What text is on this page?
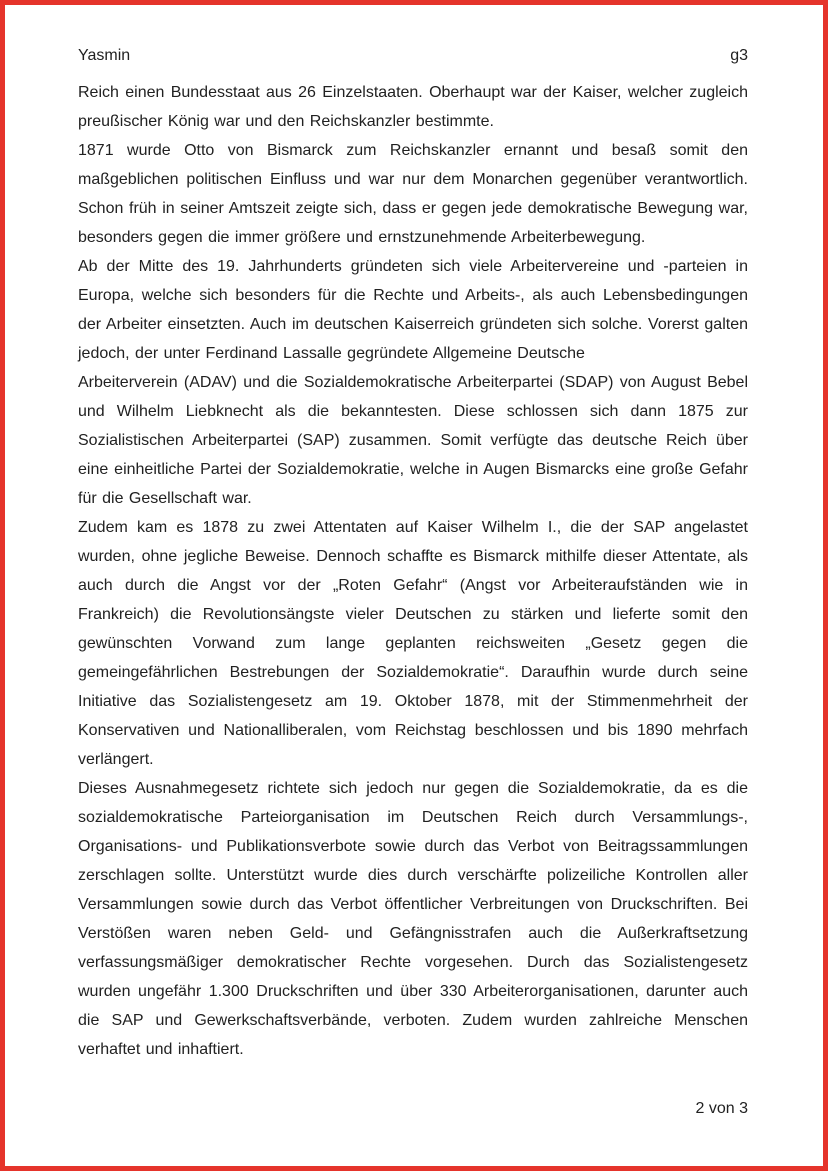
Yasmin	g3

Reich einen Bundesstaat aus 26 Einzelstaaten. Oberhaupt war der Kaiser, welcher zugleich preußischer König war und den Reichskanzler bestimmte.

1871 wurde Otto von Bismarck zum Reichskanzler ernannt und besaß somit den maßgeblichen politischen Einfluss und war nur dem Monarchen gegenüber verantwortlich. Schon früh in seiner Amtszeit zeigte sich, dass er gegen jede demokratische Bewegung war, besonders gegen die immer größere und ernstzunehmende Arbeiterbewegung.

Ab der Mitte des 19. Jahrhunderts gründeten sich viele Arbeitervereine und -parteien in Europa, welche sich besonders für die Rechte und Arbeits-, als auch Lebensbedingungen der Arbeiter einsetzten. Auch im deutschen Kaiserreich gründeten sich solche. Vorerst galten jedoch, der unter Ferdinand Lassalle gegründete Allgemeine Deutsche

Arbeiterverein (ADAV) und die Sozialdemokratische Arbeiterpartei (SDAP) von August Bebel und Wilhelm Liebknecht als die bekanntesten. Diese schlossen sich dann 1875 zur Sozialistischen Arbeiterpartei (SAP) zusammen. Somit verfügte das deutsche Reich über eine einheitliche Partei der Sozialdemokratie, welche in Augen Bismarcks eine große Gefahr für die Gesellschaft war.

Zudem kam es 1878 zu zwei Attentaten auf Kaiser Wilhelm I., die der SAP angelastet wurden, ohne jegliche Beweise. Dennoch schaffte es Bismarck mithilfe dieser Attentate, als auch durch die Angst vor der „Roten Gefahr“ (Angst vor Arbeiteraufständen wie in Frankreich) die Revolutionsängste vieler Deutschen zu stärken und lieferte somit den gewünschten Vorwand zum lange geplanten reichsweiten „Gesetz gegen die gemeingefährlichen Bestrebungen der Sozialdemokratie“. Daraufhin wurde durch seine Initiative das Sozialistengesetz am 19. Oktober 1878, mit der Stimmenmehrheit der Konservativen und Nationalliberalen, vom Reichstag beschlossen und bis 1890 mehrfach verlängert.

Dieses Ausnahmegesetz richtete sich jedoch nur gegen die Sozialdemokratie, da es die sozialdemokratische Parteiorganisation im Deutschen Reich durch Versammlungs-, Organisations- und Publikationsverbote sowie durch das Verbot von Beitragssammlungen zerschlagen sollte. Unterstützt wurde dies durch verschärfte polizeiliche Kontrollen aller Versammlungen sowie durch das Verbot öffentlicher Verbreitungen von Druckschriften. Bei Verstößen waren neben Geld- und Gefängnisstrafen auch die Außerkraftsetzung verfassungsmäßiger demokratischer Rechte vorgesehen. Durch das Sozialistengesetz wurden ungefähr 1.300 Druckschriften und über 330 Arbeiterorganisationen, darunter auch die SAP und Gewerkschaftsverbände, verboten. Zudem wurden zahlreiche Menschen verhaftet und inhaftiert.

2 von 3
